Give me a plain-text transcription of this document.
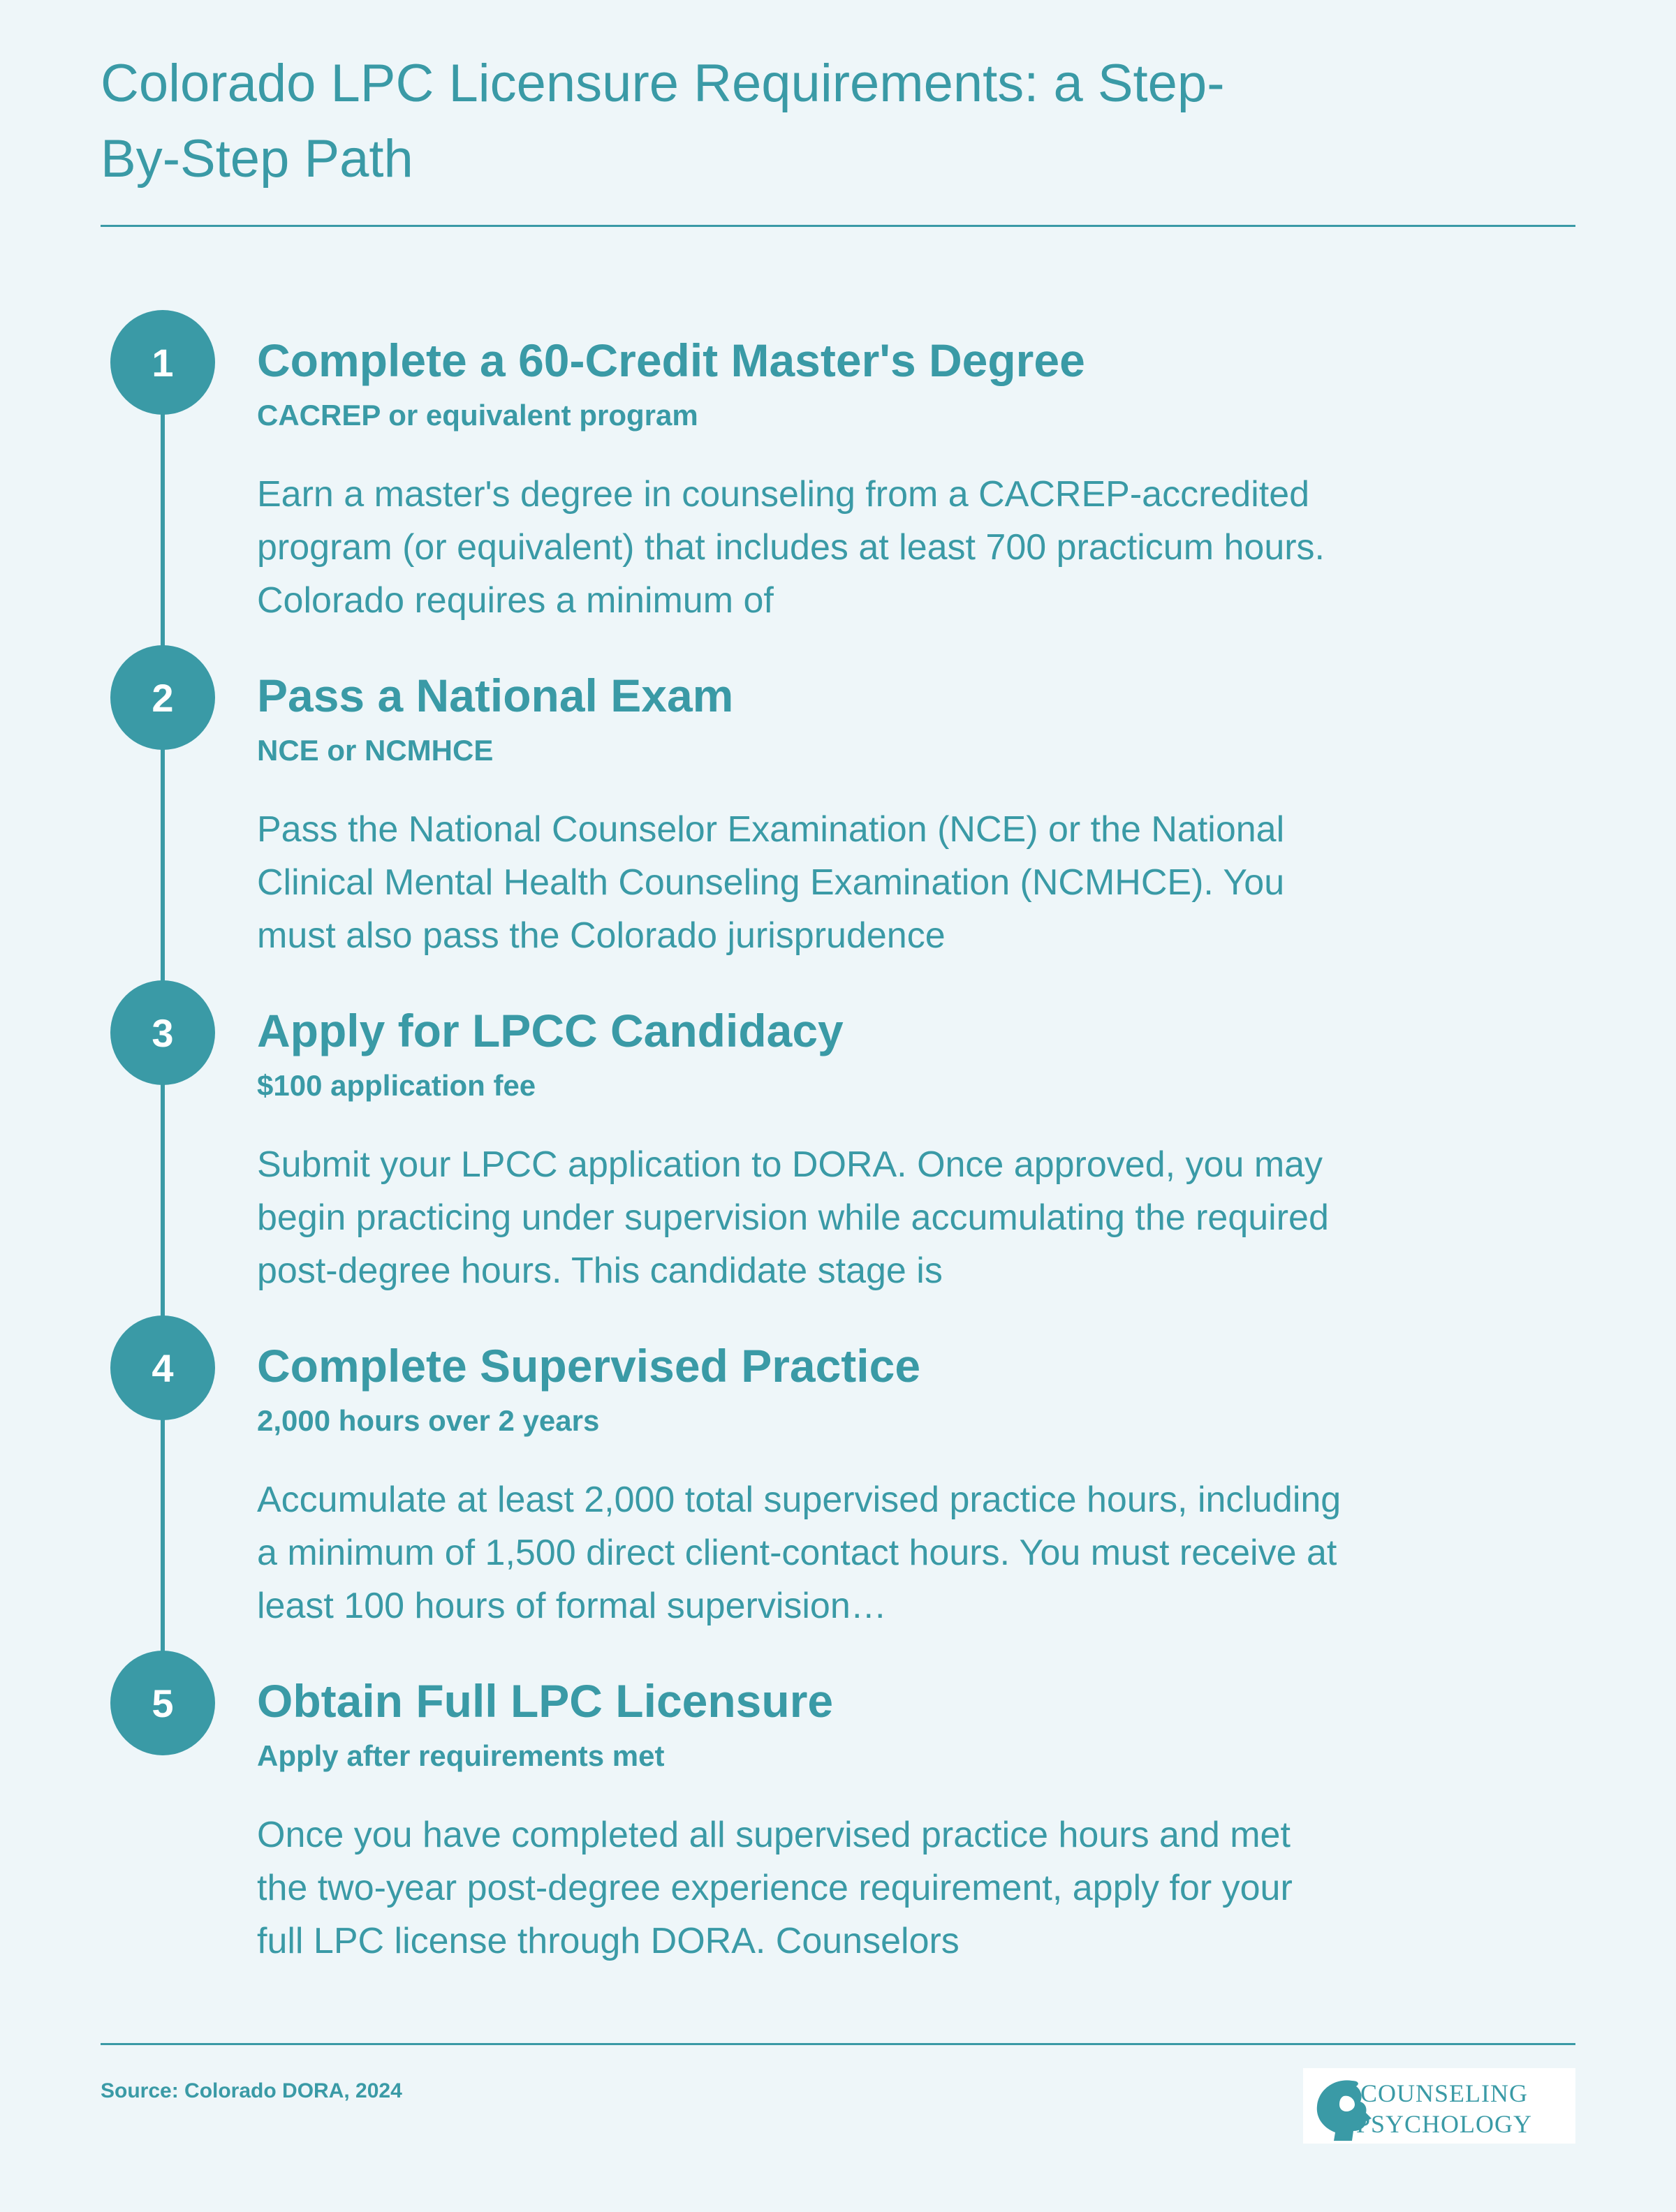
Colorado LPC Licensure Requirements: a Step-By-Step Path
1	Complete a 60-Credit Master's Degree
CACREP or equivalent program

Earn a master's degree in counseling from a CACREP-accredited program (or equivalent) that includes at least 700 practicum hours. Colorado requires a minimum of

2	Pass a National Exam
NCE or NCMHCE

Pass the National Counselor Examination (NCE) or the National Clinical Mental Health Counseling Examination (NCMHCE). You must also pass the Colorado jurisprudence

3	Apply for LPCC Candidacy
$100 application fee

Submit your LPCC application to DORA. Once approved, you may begin practicing under supervision while accumulating the required post-degree hours. This candidate stage is

4	Complete Supervised Practice
2,000 hours over 2 years

Accumulate at least 2,000 total supervised practice hours, including a minimum of 1,500 direct client-contact hours. You must receive at least 100 hours of formal supervision…

5	Obtain Full LPC Licensure
Apply after requirements met

Once you have completed all supervised practice hours and met the two-year post-degree experience requirement, apply for your full LPC license through DORA. Counselors

Source: Colorado DORA, 2024	COUNSELING
PSYCHOLOGY
